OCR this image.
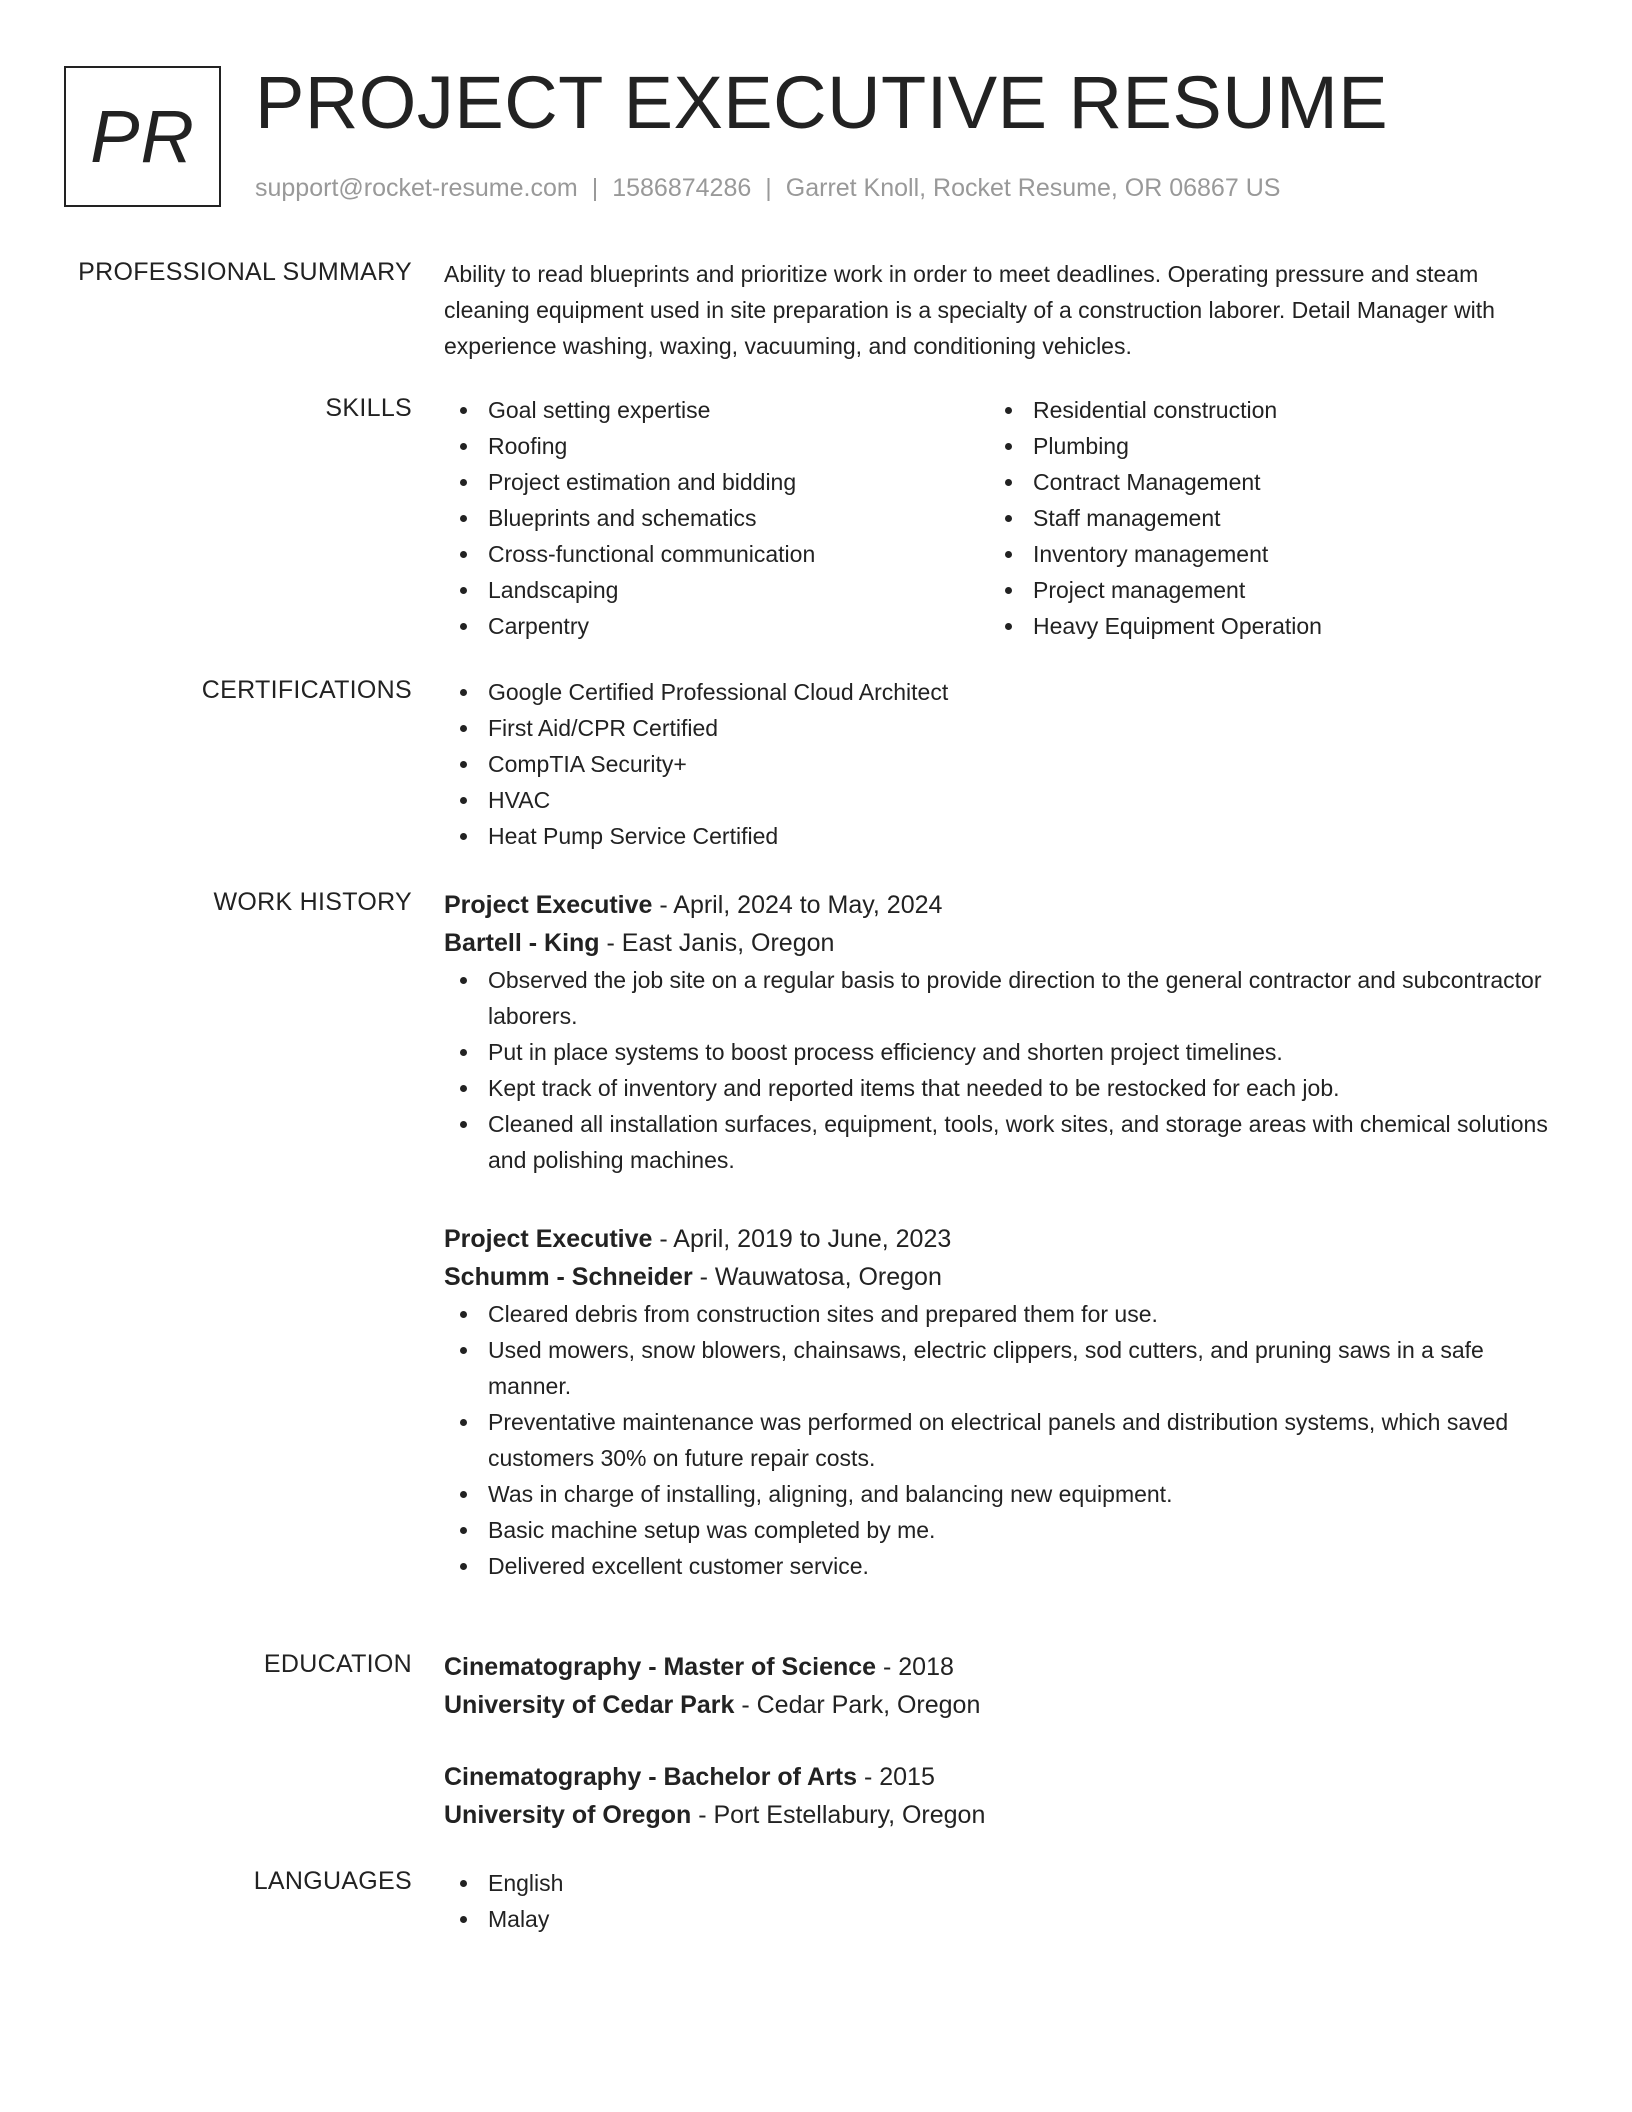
PR PROJECT EXECUTIVE RESUME
support@rocket-resume.com | 1586874286 | Garret Knoll, Rocket Resume, OR 06867 US
PROFESSIONAL SUMMARY Ability to read blueprints and prioritize work in order to meet deadlines. Operating pressure and steam cleaning equipment used in site preparation is a specialty of a construction laborer. Detail Manager with experience washing, waxing, vacuuming, and conditioning vehicles.

SKILLS	Goal setting expertise
Roofing
Project estimation and bidding
Blueprints and schematics
Cross-functional communication
Landscaping
Carpentry
Residential construction
Plumbing
Contract Management
Staff management
Inventory management
Project management
Heavy Equipment Operation
CERTIFICATIONS	Google Certified Professional Cloud Architect
First Aid/CPR Certified
CompTIA Security+
HVAC
Heat Pump Service Certified
WORK HISTORY Project Executive - April, 2024 to May, 2024
Bartell - King - East Janis, Oregon
Observed the job site on a regular basis to provide direction to the general contractor and subcontractor laborers.
Put in place systems to boost process efficiency and shorten project timelines.
Kept track of inventory and reported items that needed to be restocked for each job.
Cleaned all installation surfaces, equipment, tools, work sites, and storage areas with chemical solutions and polishing machines.
Project Executive - April, 2019 to June, 2023
Schumm - Schneider - Wauwatosa, Oregon
Cleared debris from construction sites and prepared them for use.
Used mowers, snow blowers, chainsaws, electric clippers, sod cutters, and pruning saws in a safe manner.
Preventative maintenance was performed on electrical panels and distribution systems, which saved customers 30% on future repair costs.
Was in charge of installing, aligning, and balancing new equipment.
Basic machine setup was completed by me.
Delivered excellent customer service.
EDUCATION Cinematography - Master of Science - 2018
University of Cedar Park - Cedar Park, Oregon
Cinematography - Bachelor of Arts - 2015
University of Oregon - Port Estellabury, Oregon
LANGUAGES	English
Malay
